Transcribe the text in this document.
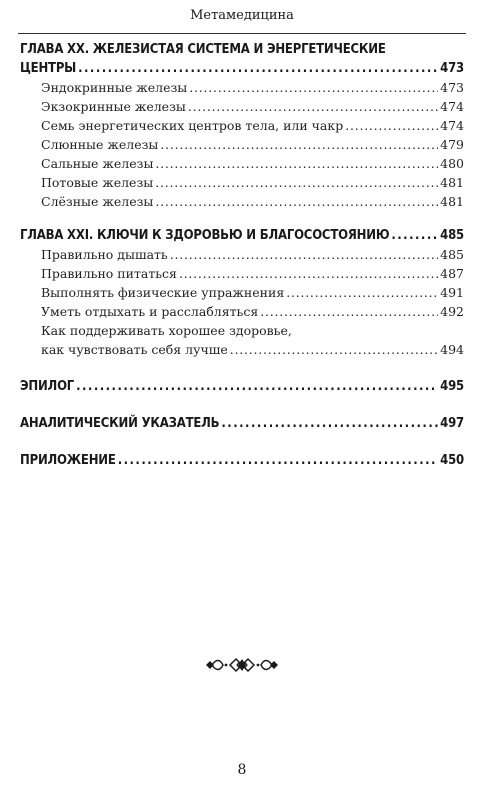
Метамедицина
ГЛАВА XX. ЖЕЛЕЗИСТАЯ СИСТЕМА И ЭНЕРГЕТИЧЕСКИЕ
ЦЕНТРЫ . . .	473
Эндокринные железы . . .	473
Экзокринные железы . . .	474
Семь энергетических центров тела, или чакр . . .	474
Слюнные железы . . .	479
Сальные железы . . .	480
Потовые железы . . .	481
Слёзные железы . . .	481
ГЛАВА XXI. КЛЮЧИ К ЗДОРОВЬЮ И БЛАГОСОСТОЯНИЮ . . .	485
Правильно дышать . . .	485
Правильно питаться . . .	487
Выполнять физические упражнения . . .	491
Уметь отдыхать и расслабляться . . .	492
Как поддерживать хорошее здоровье,
как чувствовать себя лучше . . .	494
ЭПИЛОГ . . .	495
АНАЛИТИЧЕСКИЙ УКАЗАТЕЛЬ . . .	497
ПРИЛОЖЕНИЕ . . .	450
8
